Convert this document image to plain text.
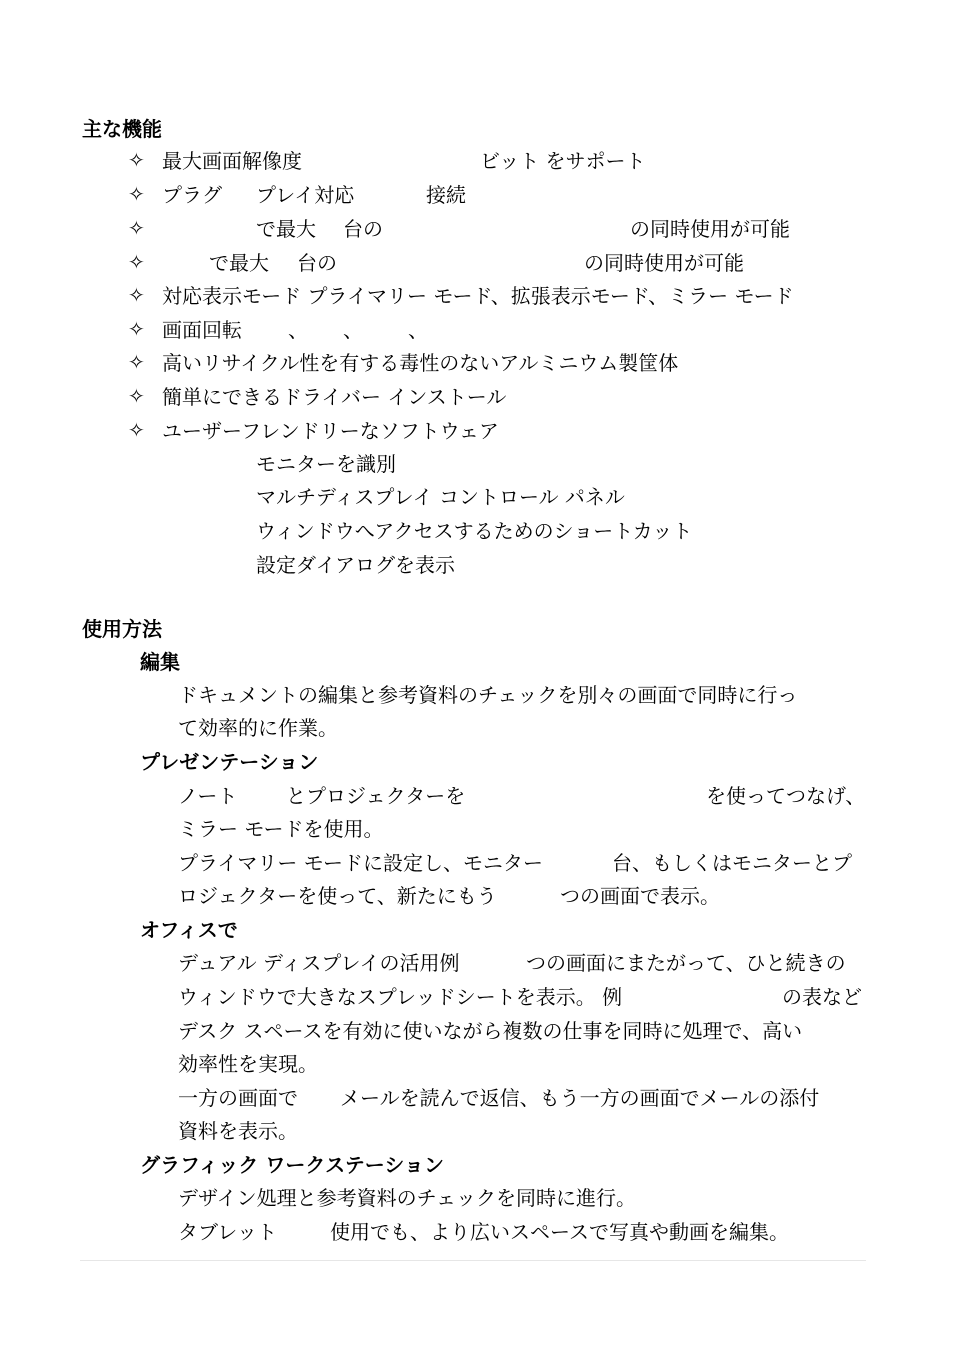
主な機能
✧ 最大画面解像度	ビット をサポート
✧ プラグ プレイ対応	接続
✧	で最大 台の	の同時使用が可能
✧	で最大 台の	の同時使用が可能
✧ 対応表示モード プライマリー モード、拡張表示モード、ミラー モード
✧ 画面回転 、 、 、
✧ 高いリサイクル性を有する毒性のないアルミニウム製筐体
✧ 簡単にできるドライバー インストール
✧ ユーザーフレンドリーなソフトウェア
モニターを識別
マルチディスプレイ コントロール パネル
ウィンドウへアクセスするためのショートカット
設定ダイアログを表示
使用方法
編集
ドキュメントの編集と参考資料のチェックを別々の画面で同時に行っ
て効率的に作業。
プレゼンテーション
ノート とプロジェクターを	を使ってつなげ、
ミラー モードを使用。
プライマリー モードに設定し、モニター	台、もしくはモニターとプ
ロジェクターを使って、新たにもう	つの画面で表示。
オフィスで
デュアル ディスプレイの活用例	つの画面にまたがって、ひと続きの
ウィンドウで大きなスプレッドシートを表示。 例	の表など
デスク スペースを有効に使いながら複数の仕事を同時に処理で、高い
効率性を実現。
一方の画面で メールを読んで返信、もう一方の画面でメールの添付
資料を表示。
グラフィック ワークステーション
デザイン処理と参考資料のチェックを同時に進行。
タブレット	使用でも、より広いスペースで写真や動画を編集。
